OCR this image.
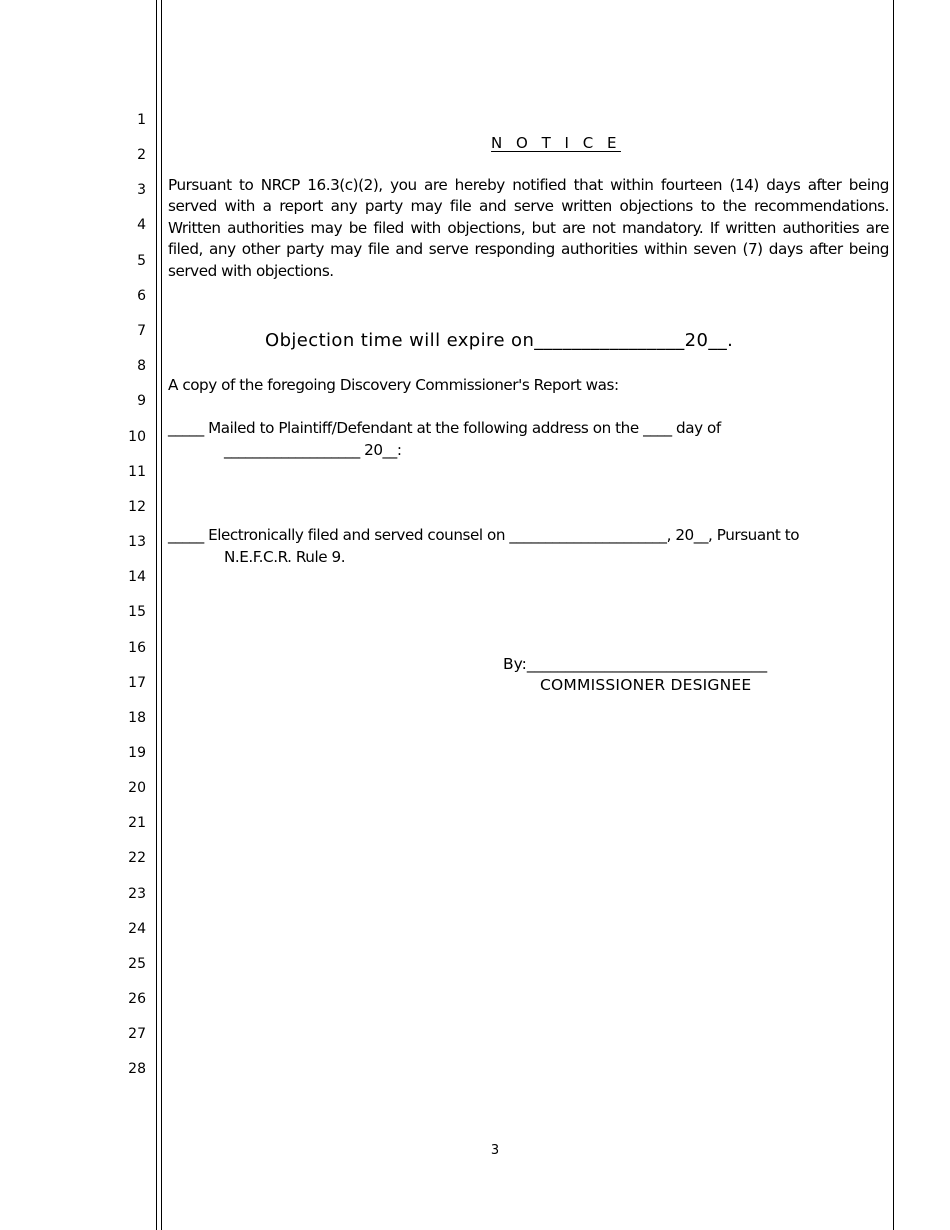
1
2
3
4
5
6
7
8
9
10
11
12
13
14
15
16
17
18
19
20
21
22
23
24
25
26
27
28
N O T I C E
Pursuant to NRCP 16.3(c)(2), you are hereby notified that within fourteen (14) days after being served with a report any party may file and serve written objections to the recommendations. Written authorities may be filed with objections, but are not mandatory. If written authorities are filed, any other party may file and serve responding authorities within seven (7) days after being served with objections.
Objection time will expire on________________20__.
A copy of the foregoing Discovery Commissioner's Report was:
_____ Mailed to Plaintiff/Defendant at the following address on the ____ day of
___________________ 20__:
_____ Electronically filed and served counsel on ______________________, 20__, Pursuant to
N.E.F.C.R. Rule 9.
By:_______________________________
COMMISSIONER DESIGNEE
3
